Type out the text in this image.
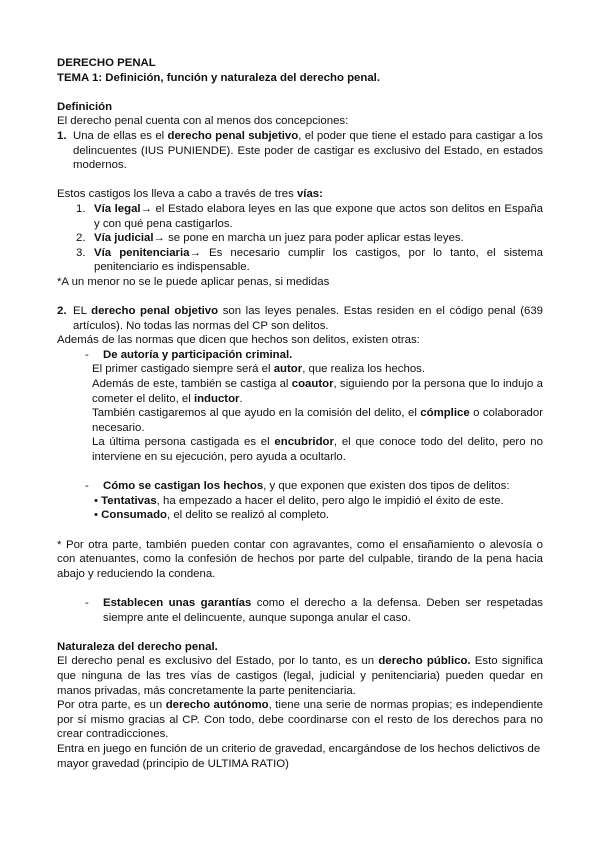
DERECHO PENAL

TEMA 1: Definición, función y naturaleza del derecho penal.

Definición

El derecho penal cuenta con al menos dos concepciones:

1. Una de ellas es el derecho penal subjetivo, el poder que tiene el estado para castigar a los delincuentes (IUS PUNIENDE). Este poder de castigar es exclusivo del Estado, en estados modernos.

Estos castigos los lleva a cabo a través de tres vías:

1. Vía legal→ el Estado elabora leyes en las que expone que actos son delitos en España y con qué pena castigarlos.

2. Vía judicial→ se pone en marcha un juez para poder aplicar estas leyes.

3. Vía penitenciaria→ Es necesario cumplir los castigos, por lo tanto, el sistema penitenciario es indispensable.

*A un menor no se le puede aplicar penas, si medidas

2. EL derecho penal objetivo son las leyes penales. Estas residen en el código penal (639 artículos). No todas las normas del CP son delitos.

Además de las normas que dicen que hechos son delitos, existen otras:

- De autoría y participación criminal.

El primer castigado siempre será el autor, que realiza los hechos.

Además de este, también se castiga al coautor, siguiendo por la persona que lo indujo a cometer el delito, el inductor.

También castigaremos al que ayudo en la comisión del delito, el cómplice o colaborador necesario.

La última persona castigada es el encubridor, el que conoce todo del delito, pero no interviene en su ejecución, pero ayuda a ocultarlo.

- Cómo se castigan los hechos, y que exponen que existen dos tipos de delitos:

• Tentativas, ha empezado a hacer el delito, pero algo le impidió el éxito de este.

• Consumado, el delito se realizó al completo.

* Por otra parte, también pueden contar con agravantes, como el ensañamiento o alevosía o con atenuantes, como la confesión de hechos por parte del culpable, tirando de la pena hacia abajo y reduciendo la condena.

- Establecen unas garantías como el derecho a la defensa. Deben ser respetadas siempre ante el delincuente, aunque suponga anular el caso.

Naturaleza del derecho penal.

El derecho penal es exclusivo del Estado, por lo tanto, es un derecho público. Esto significa que ninguna de las tres vías de castigos (legal, judicial y penitenciaria) pueden quedar en manos privadas, más concretamente la parte penitenciaria.

Por otra parte, es un derecho autónomo, tiene una serie de normas propias; es independiente por sí mismo gracias al CP. Con todo, debe coordinarse con el resto de los derechos para no crear contradicciones.

Entra en juego en función de un criterio de gravedad, encargándose de los hechos delictivos de mayor gravedad (principio de ULTIMA RATIO)
